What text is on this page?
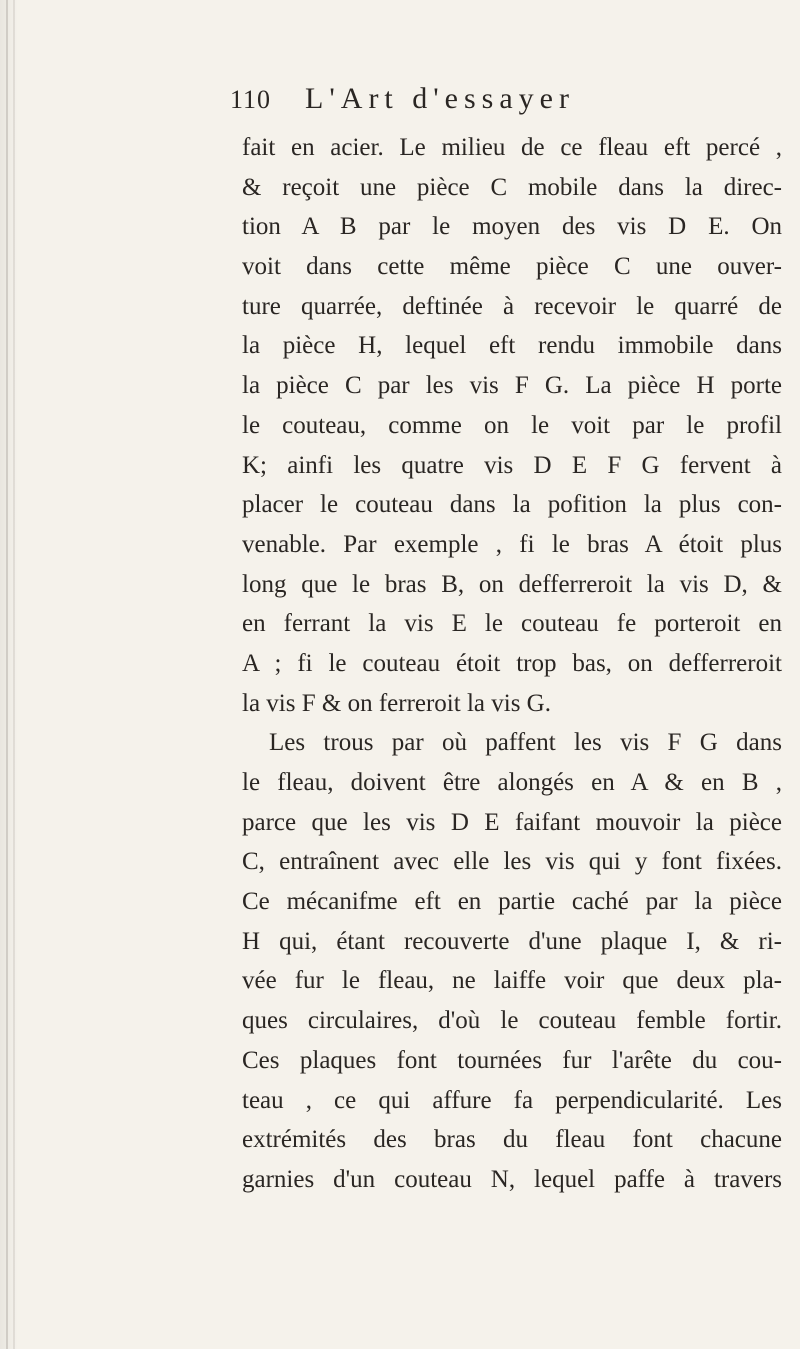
110 L'Art d'essayer
fait en acier. Le milieu de ce fleau eft percé ,
& reçoit une pièce C mobile dans la direc-
tion A B par le moyen des vis D E. On
voit dans cette même pièce C une ouver-
ture quarrée, deftinée à recevoir le quarré de
la pièce H, lequel eft rendu immobile dans
la pièce C par les vis F G. La pièce H porte
le couteau, comme on le voit par le profil
K; ainfi les quatre vis D E F G fervent à
placer le couteau dans la pofition la plus con-
venable. Par exemple , fi le bras A étoit plus
long que le bras B, on defferreroit la vis D, &
en ferrant la vis E le couteau fe porteroit en
A ; fi le couteau étoit trop bas, on defferreroit
la vis F & on ferreroit la vis G.
Les trous par où paffent les vis F G dans
le fleau, doivent être alongés en A & en B ,
parce que les vis D E faifant mouvoir la pièce
C, entraînent avec elle les vis qui y font fixées.
Ce mécanifme eft en partie caché par la pièce
H qui, étant recouverte d'une plaque I, & ri-
vée fur le fleau, ne laiffe voir que deux pla-
ques circulaires, d'où le couteau femble fortir.
Ces plaques font tournées fur l'arête du cou-
teau , ce qui affure fa perpendicularité. Les
extrémités des bras du fleau font chacune
garnies d'un couteau N, lequel paffe à travers
